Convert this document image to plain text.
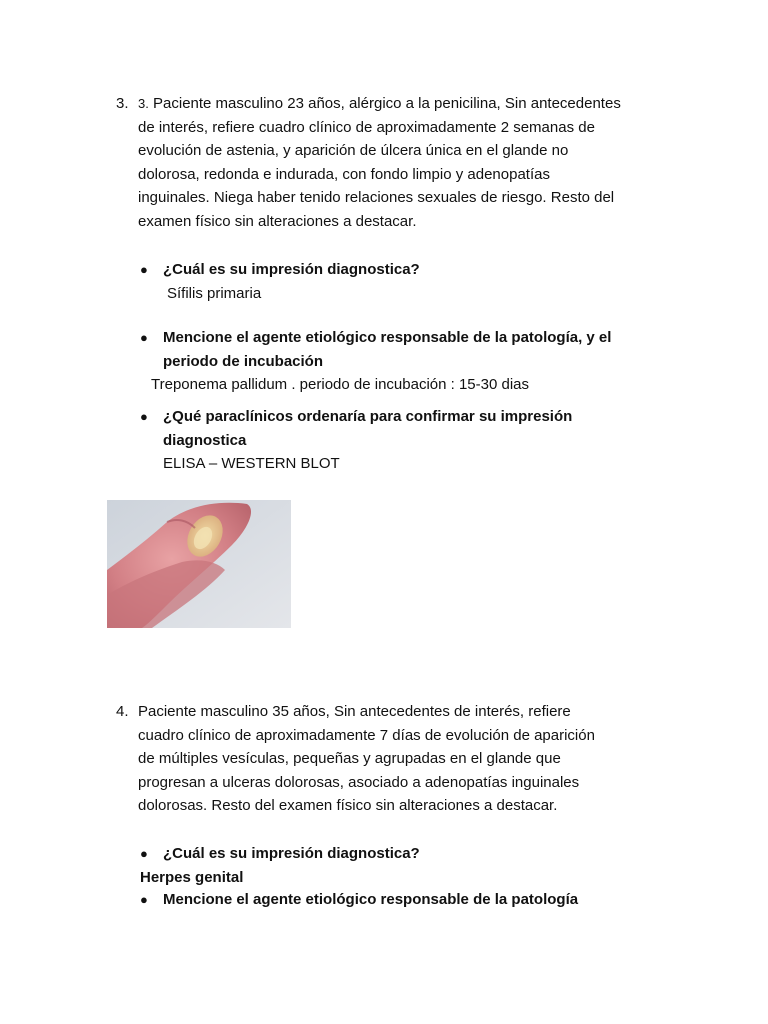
3. 3. Paciente masculino 23 años, alérgico a la penicilina, Sin antecedentes
de interés, refiere cuadro clínico de aproximadamente 2 semanas de
evolución de astenia, y aparición de úlcera única en el glande no
dolorosa, redonda e indurada, con fondo limpio y adenopatías
inguinales. Niega haber tenido relaciones sexuales de riesgo. Resto del
examen físico sin alteraciones a destacar.
● ¿Cuál es su impresión diagnostica?
Sífilis primaria
● Mencione el agente etiológico responsable de la patología, y el
periodo de incubación
Treponema pallidum . periodo de incubación : 15-30 dias
● ¿Qué paraclínicos ordenaría para confirmar su impresión
diagnostica
ELISA – WESTERN BLOT
4. Paciente masculino 35 años, Sin antecedentes de interés, refiere
cuadro clínico de aproximadamente 7 días de evolución de aparición
de múltiples vesículas, pequeñas y agrupadas en el glande que
progresan a ulceras dolorosas, asociado a adenopatías inguinales
dolorosas. Resto del examen físico sin alteraciones a destacar.
● ¿Cuál es su impresión diagnostica?
Herpes genital
● Mencione el agente etiológico responsable de la patología
